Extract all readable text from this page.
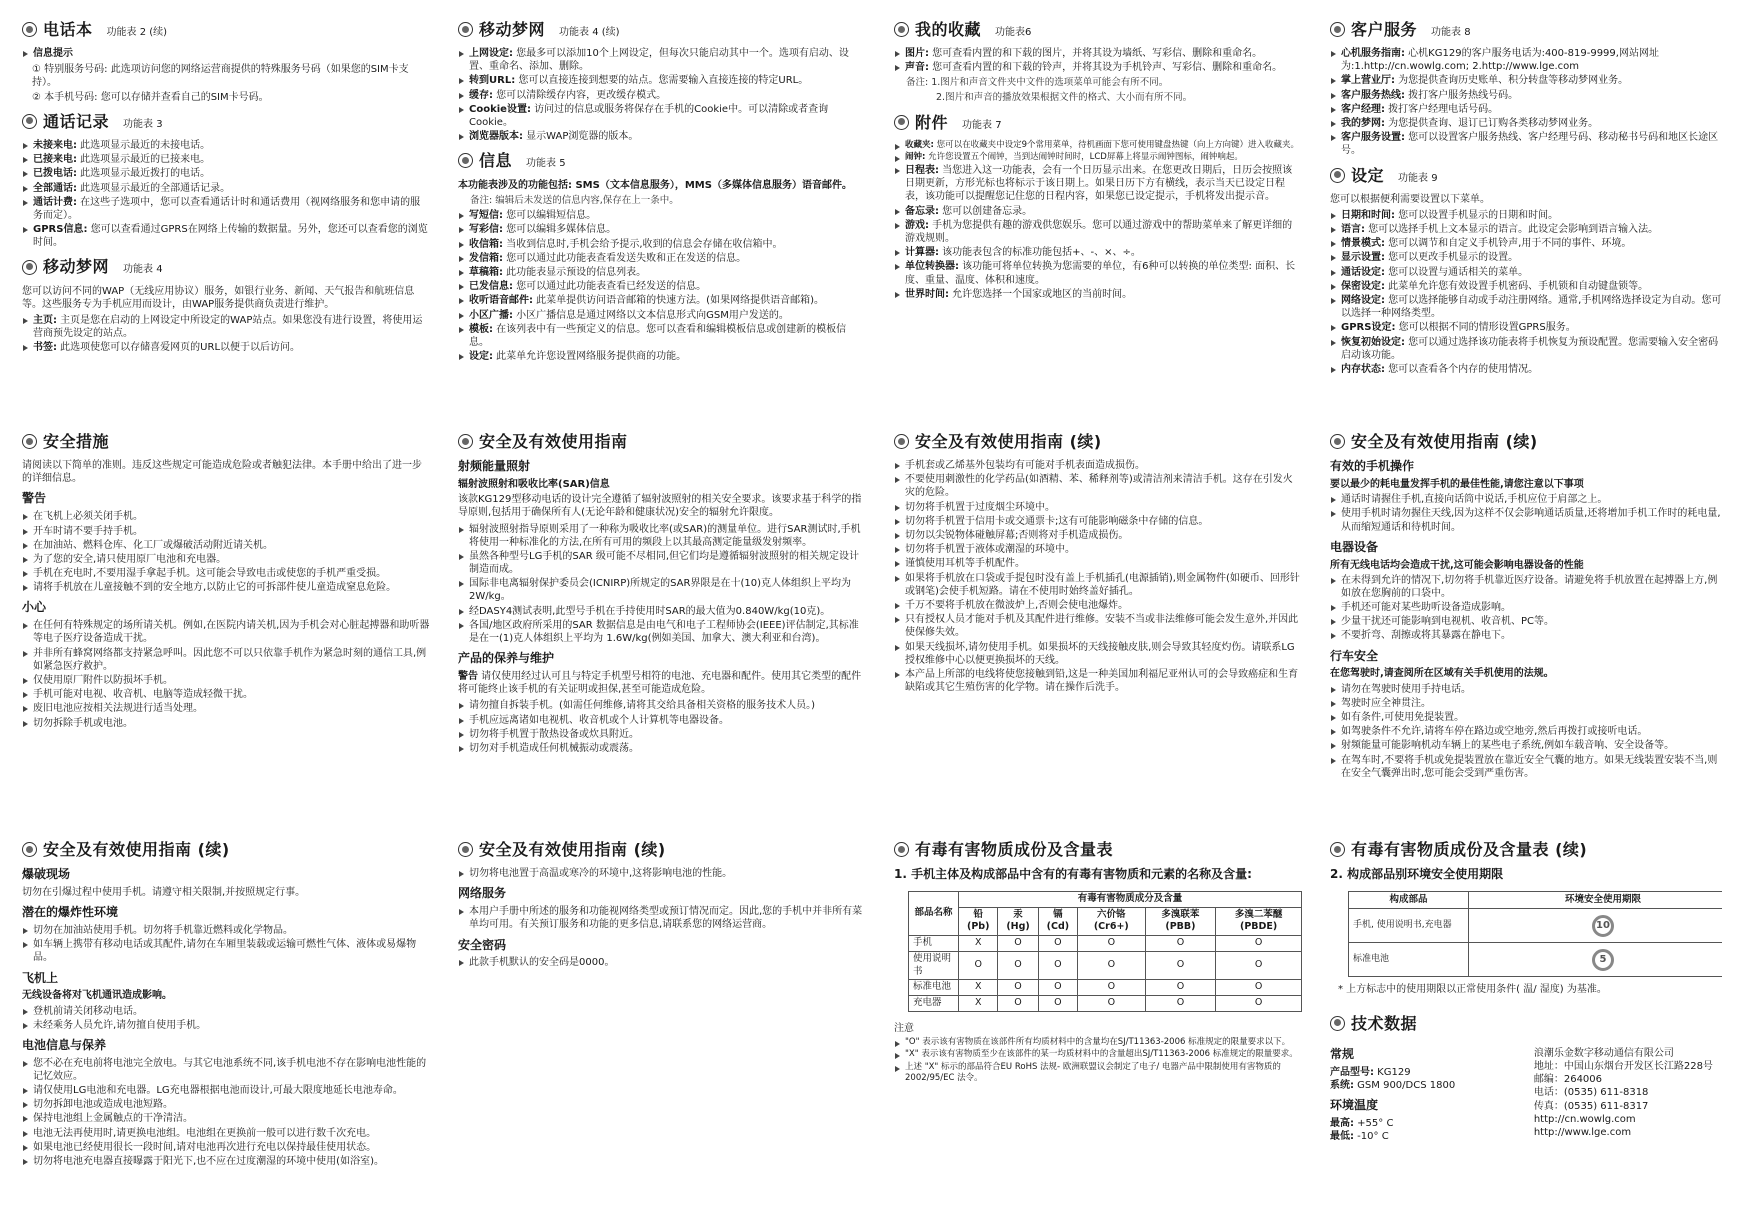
电话本 功能表 2 (续)
信息提示
① 特别服务号码: 此选项访问您的网络运营商提供的特殊服务号码（如果您的SIM卡支持）。
② 本手机号码: 您可以存储并查看自己的SIM卡号码。
通话记录 功能表 3
未接来电: 此选项显示最近的未接电话。
已接来电: 此选项显示最近的已接来电。
已拨电话: 此选项显示最近拨打的电话。
全部通话: 此选项显示最近的全部通话记录。
通话计费: 在这些子选项中，您可以查看通话计时和通话费用（视网络服务和您申请的服务而定）。
GPRS信息: 您可以查看通过GPRS在网络上传输的数据量。另外，您还可以查看您的浏览时间。
移动梦网 功能表 4

您可以访问不同的WAP（无线应用协议）服务，如银行业务、新闻、天气报告和航班信息等。这些服务专为手机应用而设计，由WAP服务提供商负责进行维护。

主页: 主页是您在启动的上网设定中所设定的WAP站点。如果您没有进行设置，将使用运营商预先设定的站点。
书签: 此选项使您可以存储喜爱网页的URL以便于以后访问。
移动梦网 功能表 4 (续)
上网设定: 您最多可以添加10个上网设定，但每次只能启动其中一个。选项有启动、设置、重命名、添加、删除。
转到URL: 您可以直接连接到想要的站点。您需要输入直接连接的特定URL。
缓存: 您可以清除缓存内容，更改缓存模式。
Cookie设置: 访问过的信息或服务将保存在手机的Cookie中。可以清除或者查询Cookie。
浏览器版本: 显示WAP浏览器的版本。
信息 功能表 5

本功能表涉及的功能包括: SMS（文本信息服务），MMS（多媒体信息服务）语音邮件。

备注: 编辑后未发送的信息内容,保存在上一条中。

写短信: 您可以编辑短信息。
写彩信: 您可以编辑多媒体信息。
收信箱: 当收到信息时,手机会给予提示,收到的信息会存储在收信箱中。
发信箱: 您可以通过此功能表查看发送失败和正在发送的信息。
草稿箱: 此功能表显示预设的信息列表。
已发信息: 您可以通过此功能表查看已经发送的信息。
收听语音邮件: 此菜单提供访问语音邮箱的快速方法。(如果网络提供语音邮箱)。
小区广播: 小区广播信息是通过网络以文本信息形式向GSM用户发送的。
模板: 在该列表中有一些预定义的信息。您可以查看和编辑模板信息或创建新的模板信息。
设定: 此菜单允许您设置网络服务提供商的功能。
我的收藏 功能表6
图片: 您可查看内置的和下载的图片，并将其设为墙纸、写彩信、删除和重命名。
声音: 您可查看内置的和下载的铃声，并将其设为手机铃声、写彩信、删除和重命名。

备注: 1.图片和声音文件夹中文件的选项菜单可能会有所不同。

2.图片和声音的播放效果根据文件的格式、大小而有所不同。

附件 功能表 7
收藏夹: 您可以在收藏夹中设定9个常用菜单，待机画面下您可使用键盘热键（向上方向键）进入收藏夹。
闹钟: 允许您设置五个闹钟，当到达闹钟时间时，LCD屏幕上将显示闹钟图标，闹钟响起。
日程表: 当您进入这一功能表，会有一个日历显示出来。在您更改日期后，日历会按照该日期更新，方形光标也将标示于该日期上。如果日历下方有横线，表示当天已设定日程表，该功能可以提醒您记住您的日程内容，如果您已设定提示，手机将发出提示音。
备忘录: 您可以创建备忘录。
游戏: 手机为您提供有趣的游戏供您娱乐。您可以通过游戏中的帮助菜单来了解更详细的游戏规则。
计算器: 该功能表包含的标准功能包括+、-、×、÷。
单位转换器: 该功能可将单位转换为您需要的单位，有6种可以转换的单位类型: 面积、长度、重量、温度、体积和速度。
世界时间: 允许您选择一个国家或地区的当前时间。
客户服务 功能表 8
心机服务指南: 心机KG129的客户服务电话为:400-819-9999,网站网址为:1.http://cn.wowlg.com; 2.http://www.lge.com
掌上营业厅: 为您提供查询历史账单、积分转盘等移动梦网业务。
客户服务热线: 拨打客户服务热线号码。
客户经理: 拨打客户经理电话号码。
我的梦网: 为您提供查询、退订已订购各类移动梦网业务。
客户服务设置: 您可以设置客户服务热线、客户经理号码、移动秘书号码和地区长途区号。
设定 功能表 9

您可以根据便利需要设置以下菜单。

日期和时间: 您可以设置手机显示的日期和时间。
语言: 您可以选择手机上文本显示的语言。此设定会影响到语言输入法。
情景模式: 您可以调节和自定义手机铃声,用于不同的事件、环境。
显示设置: 您可以更改手机显示的设置。
通话设定: 您可以设置与通话相关的菜单。
保密设定: 此菜单允许您有效设置手机密码、手机锁和自动键盘锁等。
网络设定: 您可以选择能够自动或手动注册网络。通常,手机网络选择设定为自动。您可以选择一种网络类型。
GPRS设定: 您可以根据不同的情形设置GPRS服务。
恢复初始设定: 您可以通过选择该功能表将手机恢复为预设配置。您需要输入安全密码启动该功能。
内存状态: 您可以查看各个内存的使用情况。
安全措施

请阅读以下简单的准则。违反这些规定可能造成危险或者触犯法律。本手册中给出了进一步的详细信息。

警告
在飞机上必须关闭手机。
开车时请不要手持手机。
在加油站、燃料仓库、化工厂或爆破活动附近请关机。
为了您的安全,请只使用原厂电池和充电器。
手机在充电时,不要用湿手拿起手机。这可能会导致电击或使您的手机严重受损。
请将手机放在儿童接触不到的安全地方,以防止它的可拆部件使儿童造成窒息危险。
小心
在任何有特殊规定的场所请关机。例如,在医院内请关机,因为手机会对心脏起搏器和助听器等电子医疗设备造成干扰。
并非所有蜂窝网络都支持紧急呼叫。因此您不可以只依靠手机作为紧急时刻的通信工具,例如紧急医疗救护。
仅使用原厂附件以防损坏手机。
手机可能对电视、收音机、电脑等造成轻微干扰。
废旧电池应按相关法规进行适当处理。
切勿拆除手机或电池。
安全及有效使用指南
射频能量照射
辐射波照射和吸收比率(SAR)信息

该款KG129型移动电话的设计完全遵循了辐射波照射的相关安全要求。该要求基于科学的指导原则,包括用于确保所有人(无论年龄和健康状况)安全的辐射允许限度。

辐射波照射指导原则采用了一种称为吸收比率(或SAR)的测量单位。进行SAR测试时,手机将使用一种标准化的方法,在所有可用的频段上以其最高测定能量级发射频率。
虽然各种型号LG手机的SAR 级可能不尽相同,但它们均是遵循辐射波照射的相关规定设计制造而成。
国际非电离辐射保护委员会(ICNIRP)所规定的SAR界限是在十(10)克人体组织上平均为2W/kg。
经DASY4测试表明,此型号手机在手持使用时SAR的最大值为0.840W/kg(10克)。
各国/地区政府所采用的SAR 数据信息是由电气和电子工程师协会(IEEE)评估制定,其标准是在一(1)克人体组织上平均为 1.6W/kg(例如美国、加拿大、澳大利亚和台湾)。
产品的保养与维护

警告 请仅使用经过认可且与特定手机型号相符的电池、充电器和配件。使用其它类型的配件将可能终止该手机的有关证明或担保,甚至可能造成危险。

请勿擅自拆装手机。(如需任何维修,请将其交给具备相关资格的服务技术人员。)
手机应远离诸如电视机、收音机或个人计算机等电器设备。
切勿将手机置于散热设备或炊具附近。
切勿对手机造成任何机械振动或震荡。
安全及有效使用指南 (续)
手机套或乙烯基外包装均有可能对手机表面造成损伤。
不要使用刺激性的化学药品(如酒精、苯、稀释剂等)或清洁剂来清洁手机。这存在引发火灾的危险。
切勿将手机置于过度烟尘环境中。
切勿将手机置于信用卡或交通票卡;这有可能影响磁条中存储的信息。
切勿以尖锐物体碰触屏幕;否则将对手机造成损伤。
切勿将手机置于液体或潮湿的环境中。
谨慎使用耳机等手机配件。
如果将手机放在口袋或手提包时没有盖上手机插孔(电源插销),则金属物件(如硬币、回形针或钢笔)会使手机短路。请在不使用时始终盖好插孔。
千万不要将手机放在微波炉上,否则会使电池爆炸。
只有授权人员才能对手机及其配件进行维修。安装不当或非法维修可能会发生意外,并因此使保修失效。
如果天线损坏,请勿使用手机。如果损坏的天线接触皮肤,则会导致其轻度灼伤。请联系LG授权维修中心以便更换损坏的天线。
本产品上所部的电线将使您接触到铅,这是一种美国加利福尼亚州认可的会导致癌症和生育缺陷或其它生殖伤害的化学物。请在操作后洗手。
安全及有效使用指南 (续)
有效的手机操作
要以最少的耗电量发挥手机的最佳性能,请您注意以下事项
通话时请握住手机,直接向话筒中说话,手机应位于肩部之上。
使用手机时请勿握住天线,因为这样不仅会影响通话质量,还将增加手机工作时的耗电量,从而缩短通话和待机时间。
电器设备
所有无线电话均会造成干扰,这可能会影响电器设备的性能
在未得到允许的情况下,切勿将手机靠近医疗设备。请避免将手机放置在起搏器上方,例如放在您胸前的口袋中。
手机还可能对某些助听设备造成影响。
少量干扰还可能影响到电视机、收音机、PC等。
不要折弯、刮擦或将其暴露在静电下。
行车安全
在您驾驶时,请查阅所在区域有关手机使用的法规。
请勿在驾驶时使用手持电话。
驾驶时应全神贯注。
如有条件,可使用免提装置。
如驾驶条件不允许,请将车停在路边或空地旁,然后再拨打或接听电话。
射频能量可能影响机动车辆上的某些电子系统,例如车载音响、安全设备等。
在驾车时,不要将手机或免提装置放在靠近安全气囊的地方。如果无线装置安装不当,则在安全气囊弹出时,您可能会受到严重伤害。
安全及有效使用指南 (续)
爆破现场

切勿在引爆过程中使用手机。请遵守相关限制,并按照规定行事。

潜在的爆炸性环境
切勿在加油站使用手机。切勿将手机靠近燃料或化学物品。
如车辆上携带有移动电话或其配件,请勿在车厢里装载或运输可燃性气体、液体或易爆物品。
飞机上
无线设备将对飞机通讯造成影响。
登机前请关闭移动电话。
未经乘务人员允许,请勿擅自使用手机。
电池信息与保养
您不必在充电前将电池完全放电。与其它电池系统不同,该手机电池不存在影响电池性能的记忆效应。
请仅使用LG电池和充电器。LG充电器根据电池而设计,可最大限度地延长电池寿命。
切勿拆卸电池或造成电池短路。
保持电池组上金属触点的干净清洁。
电池无法再使用时,请更换电池组。电池组在更换前一般可以进行数千次充电。
如果电池已经使用很长一段时间,请对电池再次进行充电以保持最佳使用状态。
切勿将电池充电器直接曝露于阳光下,也不应在过度潮湿的环境中使用(如浴室)。
安全及有效使用指南 (续)
切勿将电池置于高温或寒冷的环境中,这将影响电池的性能。
网络服务
本用户手册中所述的服务和功能视网络类型或预订情况而定。因此,您的手机中并非所有菜单均可用。有关预订服务和功能的更多信息,请联系您的网络运营商。
安全密码
此款手机默认的安全码是0000。
有毒有害物质成份及含量表
1. 手机主体及构成部品中含有的有毒有害物质和元素的名称及含量:
部品名称	有毒有害物质成分及含量					
	铅(Pb)	汞(Hg)	镉(Cd)	六价铬(Cr6+)	多溴联苯(PBB)	多溴二苯醚(PBDE)
手机	X	O	O	O	O	O
使用说明书	O	O	O	O	O	O
标准电池	X	O	O	O	O	O
充电器	X	O	O	O	O	O
注意
"O" 表示该有害物质在该部件所有均质材料中的含量均在SJ/T11363-2006 标准规定的限量要求以下。
"X" 表示该有害物质至少在该部件的某一均质材料中的含量超出SJ/T11363-2006 标准规定的限量要求。
上述 "X" 标示的部品符合EU RoHS 法规- 欧洲联盟议会制定了电子/ 电器产品中限制使用有害物质的2002/95/EC 法令。
有毒有害物质成份及含量表 (续)
2. 构成部品别环境安全使用期限
构成部品	环境安全使用期限
手机, 使用说明书,充电器	10
标准电池	5

* 上方标志中的使用期限以正常使用条件( 温/ 湿度) 为基准。

技术数据
常规
产品型号: KG129
系统: GSM 900/DCS 1800
环境温度
最高: +55° C
最低: -10° C
浪潮乐金数字移动通信有限公司
地址：中国山东烟台开发区长江路228号
邮编：264006
电话：(0535) 611-8318
传真：(0535) 611-8317
http://cn.wowlg.com
http://www.lge.com
